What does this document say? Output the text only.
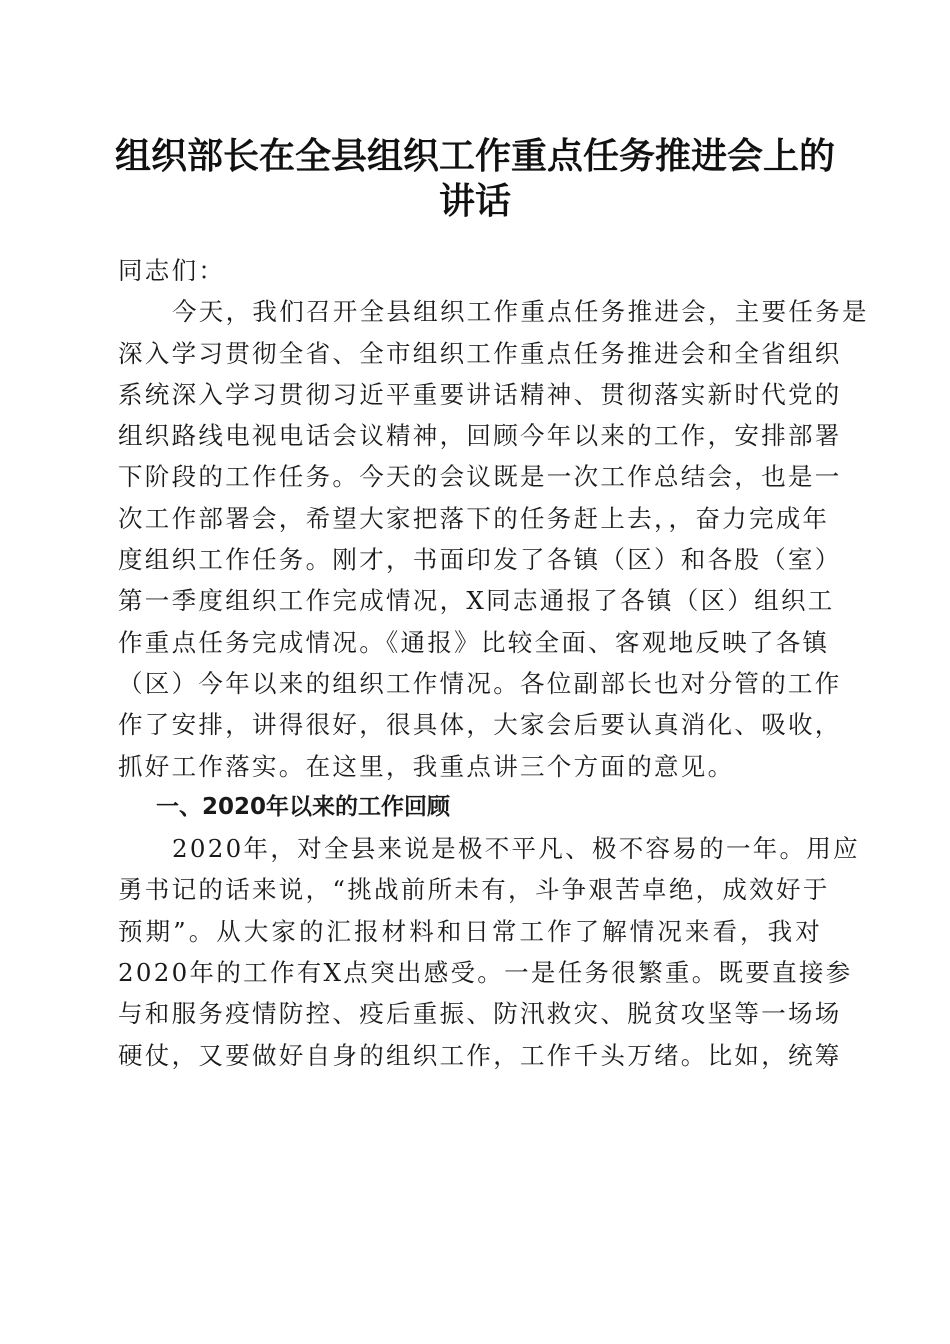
组织部长在全县组织工作重点任务推进会上的
讲话
同志们：
今天，我们召开全县组织工作重点任务推进会，主要任务是
深入学习贯彻全省、全市组织工作重点任务推进会和全省组织
系统深入学习贯彻习近平重要讲话精神、贯彻落实新时代党的
组织路线电视电话会议精神，回顾今年以来的工作，安排部署
下阶段的工作任务。今天的会议既是一次工作总结会，也是一
次工作部署会，希望大家把落下的任务赶上去，，奋力完成年
度组织工作任务。刚才，书面印发了各镇（区）和各股（室）
第一季度组织工作完成情况，X同志通报了各镇（区）组织工
作重点任务完成情况。《通报》比较全面、客观地反映了各镇
（区）今年以来的组织工作情况。各位副部长也对分管的工作
作了安排，讲得很好，很具体，大家会后要认真消化、吸收，
抓好工作落实。在这里，我重点讲三个方面的意见。
一、2020年以来的工作回顾
2020年，对全县来说是极不平凡、极不容易的一年。用应
勇书记的话来说，“挑战前所未有，斗争艰苦卓绝，成效好于
预期”。从大家的汇报材料和日常工作了解情况来看，我对
2020年的工作有X点突出感受。一是任务很繁重。既要直接参
与和服务疫情防控、疫后重振、防汛救灾、脱贫攻坚等一场场
硬仗，又要做好自身的组织工作，工作千头万绪。比如，统筹
